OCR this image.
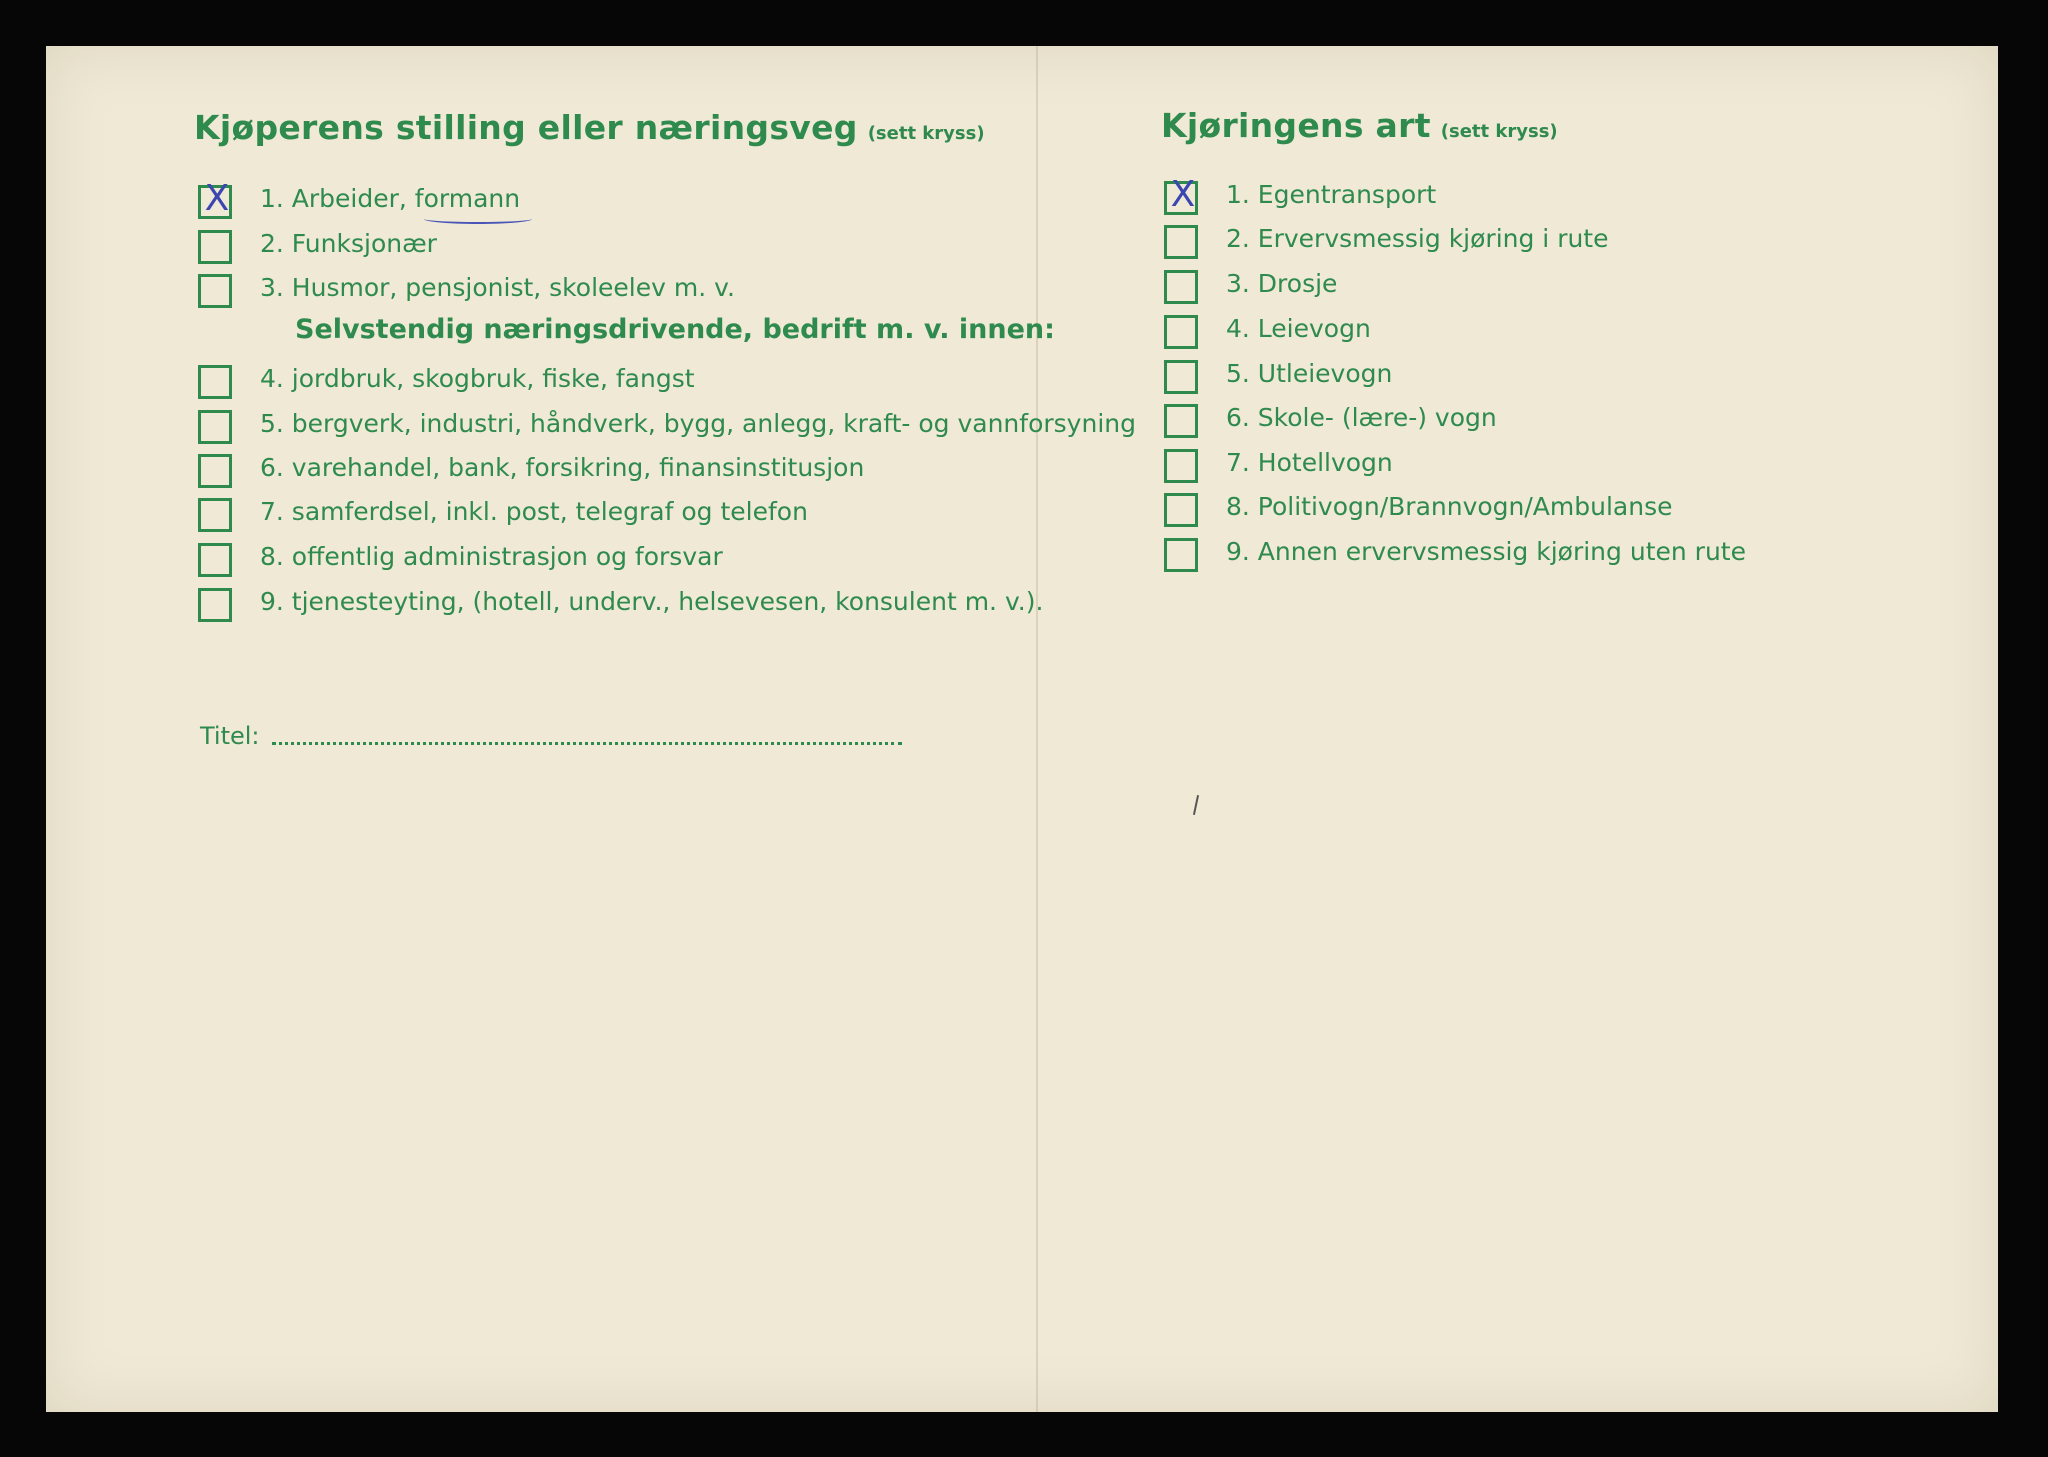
Kjøperens stilling eller næringsveg (sett kryss)
X 1. Arbeider, formann
2. Funksjonær
3. Husmor, pensjonist, skoleelev m. v.
Selvstendig næringsdrivende, bedrift m. v. innen:
4. jordbruk, skogbruk, fiske, fangst
5. bergverk, industri, håndverk, bygg, anlegg, kraft- og vannforsyning
6. varehandel, bank, forsikring, finansinstitusjon
7. samferdsel, inkl. post, telegraf og telefon
8. offentlig administrasjon og forsvar
9. tjenesteyting, (hotell, underv., helsevesen, konsulent m. v.).
Titel:
Kjøringens art (sett kryss)
X 1. Egentransport
2. Ervervsmessig kjøring i rute
3. Drosje
4. Leievogn
5. Utleievogn
6. Skole- (lære-) vogn
7. Hotellvogn
8. Politivogn/Brannvogn/Ambulanse
9. Annen ervervsmessig kjøring uten rute
